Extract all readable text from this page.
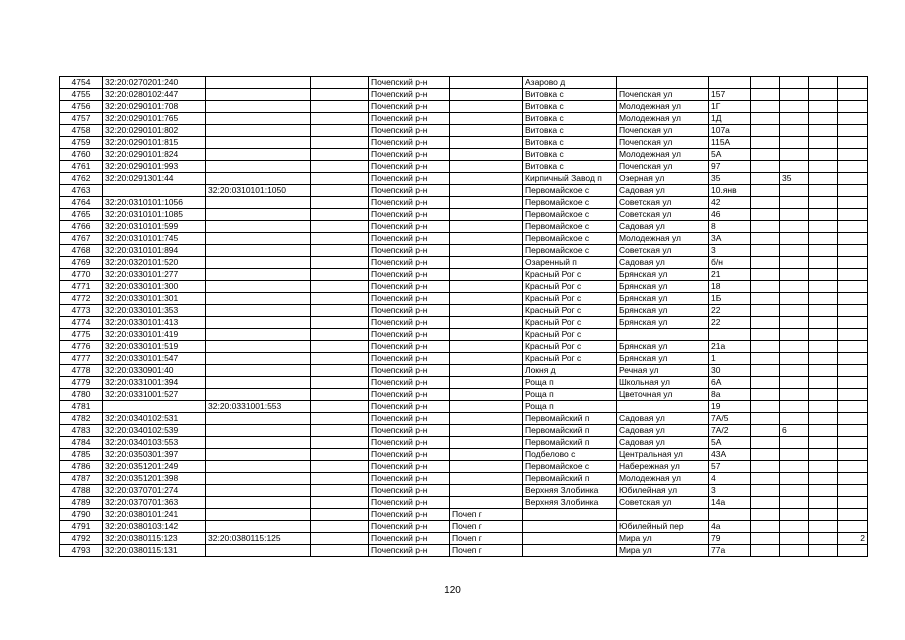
4754	32:20:0270201:240			Почепский р-н		Азарово д						
4755	32:20:0280102:447			Почепский р-н		Витовка с	Почепская ул	157				
4756	32:20:0290101:708			Почепский р-н		Витовка с	Молодежная ул	1Г				
4757	32:20:0290101:765			Почепский р-н		Витовка с	Молодежная ул	1Д				
4758	32:20:0290101:802			Почепский р-н		Витовка с	Почепская ул	107а				
4759	32:20:0290101:815			Почепский р-н		Витовка с	Почепская ул	115А				
4760	32:20:0290101:824			Почепский р-н		Витовка с	Молодежная ул	5А				
4761	32:20:0290101:993			Почепский р-н		Витовка с	Почепская ул	97				
4762	32:20:0291301:44			Почепский р-н		Кирпичный Завод п	Озерная ул	35		35		
4763		32:20:0310101:1050		Почепский р-н		Первомайское с	Садовая ул	10.янв				
4764	32:20:0310101:1056			Почепский р-н		Первомайское с	Советская ул	42				
4765	32:20:0310101:1085			Почепский р-н		Первомайское с	Советская ул	46				
4766	32:20:0310101:599			Почепский р-н		Первомайское с	Садовая ул	8				
4767	32:20:0310101:745			Почепский р-н		Первомайское с	Молодежная ул	3А				
4768	32:20:0310101:894			Почепский р-н		Первомайское с	Советская ул	3				
4769	32:20:0320101:520			Почепский р-н		Озаренный п	Садовая ул	б/н				
4770	32:20:0330101:277			Почепский р-н		Красный Рог с	Брянская ул	21				
4771	32:20:0330101:300			Почепский р-н		Красный Рог с	Брянская ул	18				
4772	32:20:0330101:301			Почепский р-н		Красный Рог с	Брянская ул	1Б				
4773	32:20:0330101:353			Почепский р-н		Красный Рог с	Брянская ул	22				
4774	32:20:0330101:413			Почепский р-н		Красный Рог с	Брянская ул	22				
4775	32:20:0330101:419			Почепский р-н		Красный Рог с						
4776	32:20:0330101:519			Почепский р-н		Красный Рог с	Брянская ул	21а				
4777	32:20:0330101:547			Почепский р-н		Красный Рог с	Брянская ул	1				
4778	32:20:0330901:40			Почепский р-н		Локня д	Речная ул	30				
4779	32:20:0331001:394			Почепский р-н		Роща п	Школьная ул	6А				
4780	32:20:0331001:527			Почепский р-н		Роща п	Цветочная ул	8а				
4781		32:20:0331001:553		Почепский р-н		Роща п		19				
4782	32:20:0340102:531			Почепский р-н		Первомайский п	Садовая ул	7А/5				
4783	32:20:0340102:539			Почепский р-н		Первомайский п	Садовая ул	7А/2		6		
4784	32:20:0340103:553			Почепский р-н		Первомайский п	Садовая ул	5А				
4785	32:20:0350301:397			Почепский р-н		Подбелово с	Центральная ул	43А				
4786	32:20:0351201:249			Почепский р-н		Первомайское с	Набережная ул	57				
4787	32:20:0351201:398			Почепский р-н		Первомайский п	Молодежная ул	4				
4788	32:20:0370701:274			Почепский р-н		Верхняя Злобинка	Юбилейная ул	3				
4789	32:20:0370701:363			Почепский р-н		Верхняя Злобинка	Советская ул	14а				
4790	32:20:0380101:241			Почепский р-н	Почеп г							
4791	32:20:0380103:142			Почепский р-н	Почеп г		Юбилейный пер	4а				
4792	32:20:0380115:123	32:20:0380115:125		Почепский р-н	Почеп г		Мира ул	79				2
4793	32:20:0380115:131			Почепский р-н	Почеп г		Мира ул	77а				
120
